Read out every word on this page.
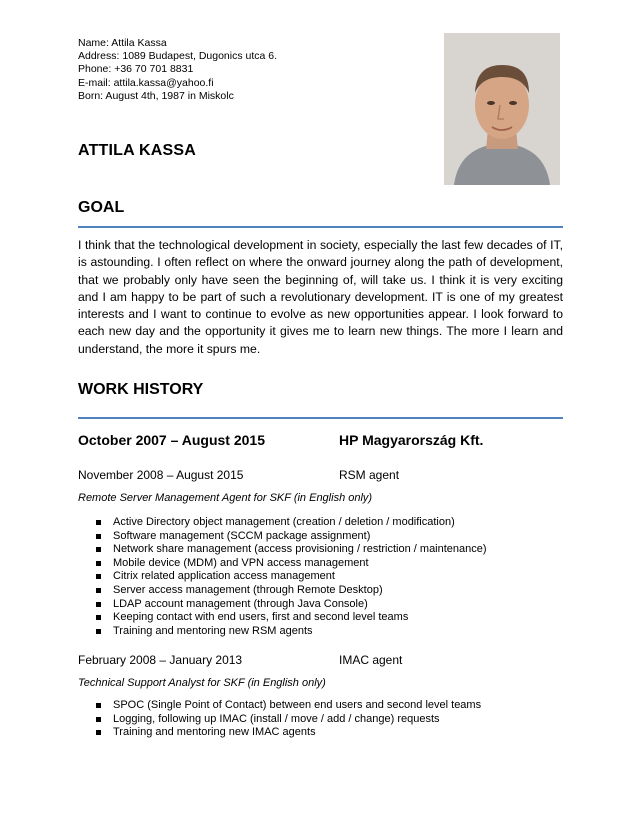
Name: Attila Kassa
Address: 1089 Budapest, Dugonics utca 6.
Phone: +36 70 701 8831
E-mail: attila.kassa@yahoo.fi
Born: August 4th, 1987 in Miskolc
ATTILA KASSA
GOAL
I think that the technological development in society, especially the last few decades of IT, is astounding. I often reflect on where the onward journey along the path of development, that we probably only have seen the beginning of, will take us. I think it is very exciting and I am happy to be part of such a revolutionary development. IT is one of my greatest interests and I want to continue to evolve as new opportunities appear. I look forward to each new day and the opportunity it gives me to learn new things. The more I learn and understand, the more it spurs me.
WORK HISTORY
October 2007 – August 2015	HP Magyarország Kft.
November 2008 – August 2015	RSM agent
Remote Server Management Agent for SKF (in English only)
Active Directory object management (creation / deletion / modification)
Software management (SCCM package assignment)
Network share management (access provisioning / restriction / maintenance)
Mobile device (MDM) and VPN access management
Citrix related application access management
Server access management (through Remote Desktop)
LDAP account management (through Java Console)
Keeping contact with end users, first and second level teams
Training and mentoring new RSM agents
February 2008 – January 2013	IMAC agent
Technical Support Analyst for SKF (in English only)
SPOC (Single Point of Contact) between end users and second level teams
Logging, following up IMAC (install / move / add / change) requests
Training and mentoring new IMAC agents
